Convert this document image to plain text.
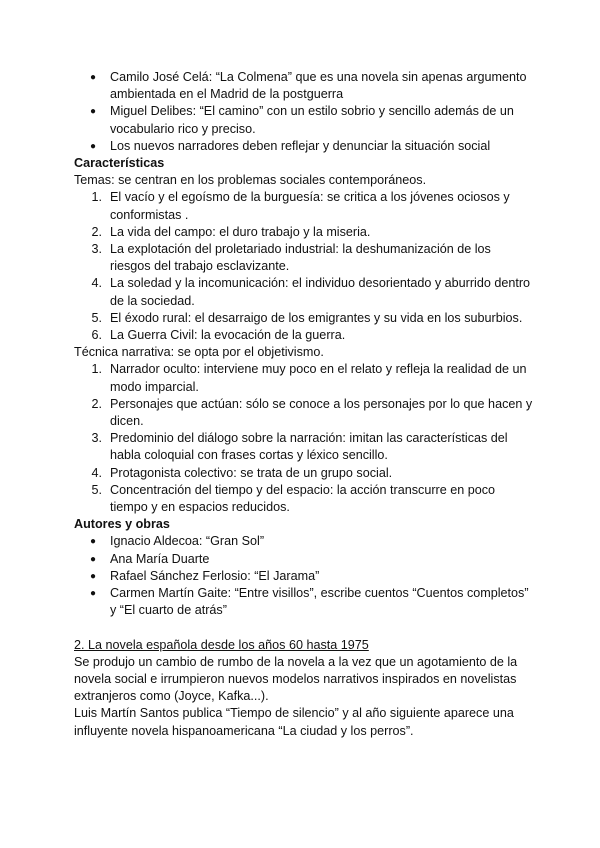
● Camilo José Celá: “La Colmena” que es una novela sin apenas argumento ambientada en el Madrid de la postguerra
● Miguel Delibes: “El camino” con un estilo sobrio y sencillo además de un vocabulario rico y preciso.
● Los nuevos narradores deben reflejar y denunciar la situación social
Características
Temas: se centran en los problemas sociales contemporáneos.
1. El vacío y el egoísmo de la burguesía: se critica a los jóvenes ociosos y conformistas .
2. La vida del campo: el duro trabajo y la miseria.
3. La explotación del proletariado industrial: la deshumanización de los riesgos del trabajo esclavizante.
4. La soledad y la incomunicación: el individuo desorientado y aburrido dentro de la sociedad.
5. El éxodo rural: el desarraigo de los emigrantes y su vida en los suburbios.
6. La Guerra Civil: la evocación de la guerra.
Técnica narrativa: se opta por el objetivismo.
1. Narrador oculto: interviene muy poco en el relato y refleja la realidad de un modo imparcial.
2. Personajes que actúan: sólo se conoce a los personajes por lo que hacen y dicen.
3. Predominio del diálogo sobre la narración: imitan las características del habla coloquial con frases cortas y léxico sencillo.
4. Protagonista colectivo: se trata de un grupo social.
5. Concentración del tiempo y del espacio: la acción transcurre en poco tiempo y en espacios reducidos.
Autores y obras
● Ignacio Aldecoa: “Gran Sol”
● Ana María Duarte
● Rafael Sánchez Ferlosio: “El Jarama”
● Carmen Martín Gaite: “Entre visillos”, escribe cuentos “Cuentos completos” y “El cuarto de atrás”
2. La novela española desde los años 60 hasta 1975
Se produjo un cambio de rumbo de la novela a la vez que un agotamiento de la novela social e irrumpieron nuevos modelos narrativos inspirados en novelistas extranjeros como (Joyce, Kafka...).
Luis Martín Santos publica “Tiempo de silencio” y al año siguiente aparece una influyente novela hispanoamericana “La ciudad y los perros”.
